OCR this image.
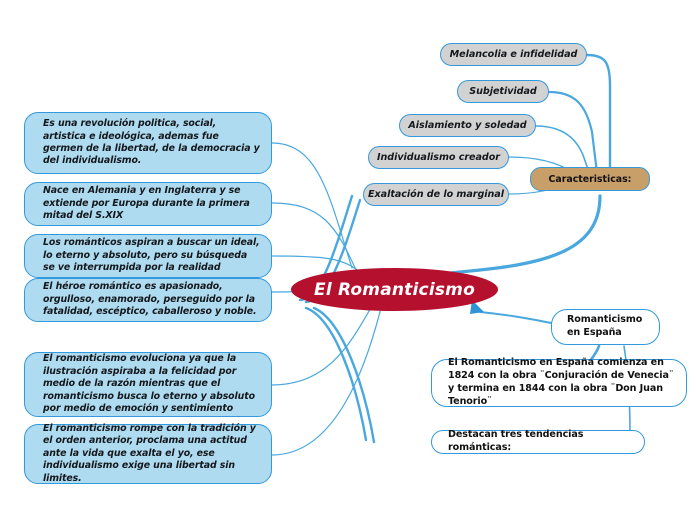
El Romanticismo
Es una revolución politica, social, artistica e ideológica, ademas fue germen de la libertad, de la democracia y del individualismo.
Nace en Alemania y en Inglaterra y se extiende por Europa durante la primera mitad del S.XIX
Los románticos aspiran a buscar un ideal, lo eterno y absoluto, pero su búsqueda se ve interrumpida por la realidad
El héroe romántico es apasionado, orgulloso, enamorado, perseguido por la fatalidad, escéptico, caballeroso y noble.
El romanticismo evoluciona ya que la ilustración aspiraba a la felicidad por medio de la razón mientras que el romanticismo busca lo eterno y absoluto por medio de emoción y sentimiento
El romanticismo rompe con la tradición y el orden anterior, proclama una actitud ante la vida que exalta el yo, ese individualismo exige una libertad sin limites.
Caracteristicas:
Melancolia e infidelidad
Subjetividad
Aislamiento y soledad
Individualismo creador
Exaltación de lo marginal
Romanticismo
en España
El Romanticismo en España comienza en 1824 con la obra ¨Conjuración de Venecia¨ y termina en 1844 con la obra ¨Don Juan Tenorio¨
Destacan tres tendencias románticas:
